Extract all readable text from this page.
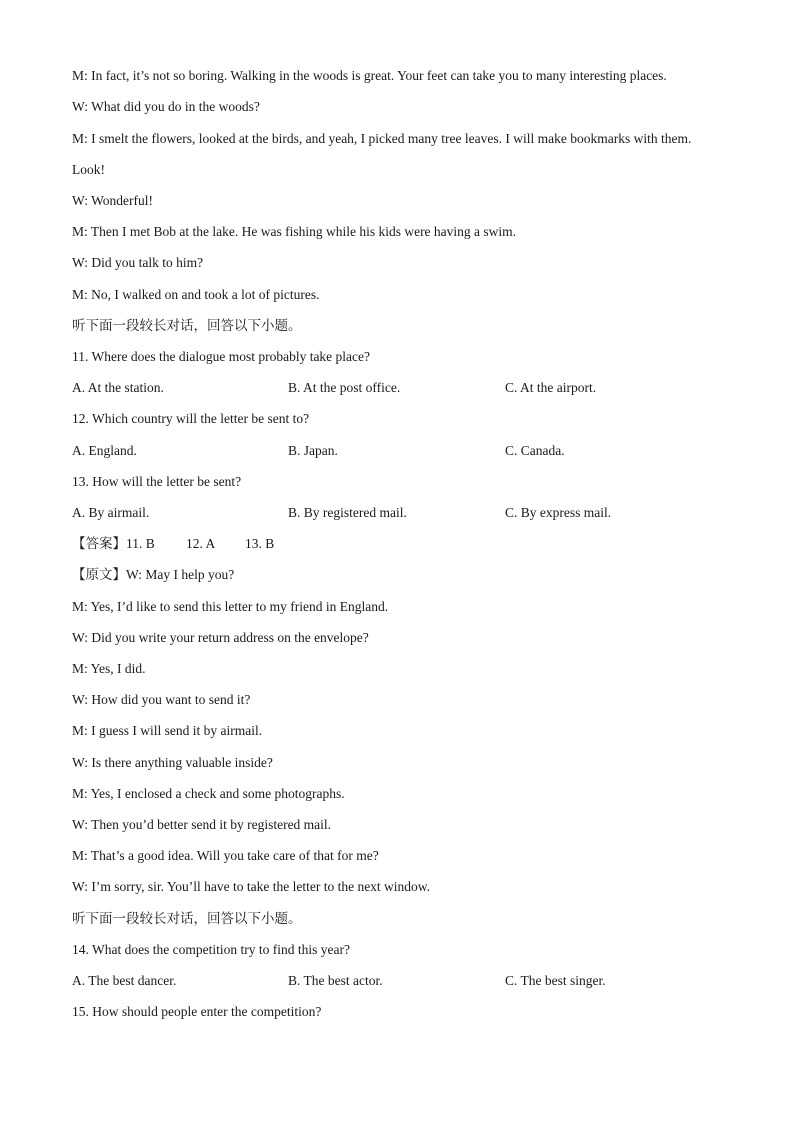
M: In fact, it’s not so boring. Walking in the woods is great. Your feet can take you to many interesting places.
W: What did you do in the woods?
M: I smelt the flowers, looked at the birds, and yeah, I picked many tree leaves. I will make bookmarks with them.
Look!
W: Wonderful!
M: Then I met Bob at the lake. He was fishing while his kids were having a swim.
W: Did you talk to him?
M: No, I walked on and took a lot of pictures.
听下面一段较长对话，回答以下小题。
11. Where does the dialogue most probably take place?
A. At the station.	B. At the post office.	C. At the airport.
12. Which country will the letter be sent to?
A. England.	B. Japan.	C. Canada.
13. How will the letter be sent?
A. By airmail.	B. By registered mail.	C. By express mail.
【答案】11. B 12. A 13. B
【原文】W: May I help you?
M: Yes, I’d like to send this letter to my friend in England.
W: Did you write your return address on the envelope?
M: Yes, I did.
W: How did you want to send it?
M: I guess I will send it by airmail.
W: Is there anything valuable inside?
M: Yes, I enclosed a check and some photographs.
W: Then you’d better send it by registered mail.
M: That’s a good idea. Will you take care of that for me?
W: I’m sorry, sir. You’ll have to take the letter to the next window.
听下面一段较长对话，回答以下小题。
14. What does the competition try to find this year?
A. The best dancer.	B. The best actor.	C. The best singer.
15. How should people enter the competition?
